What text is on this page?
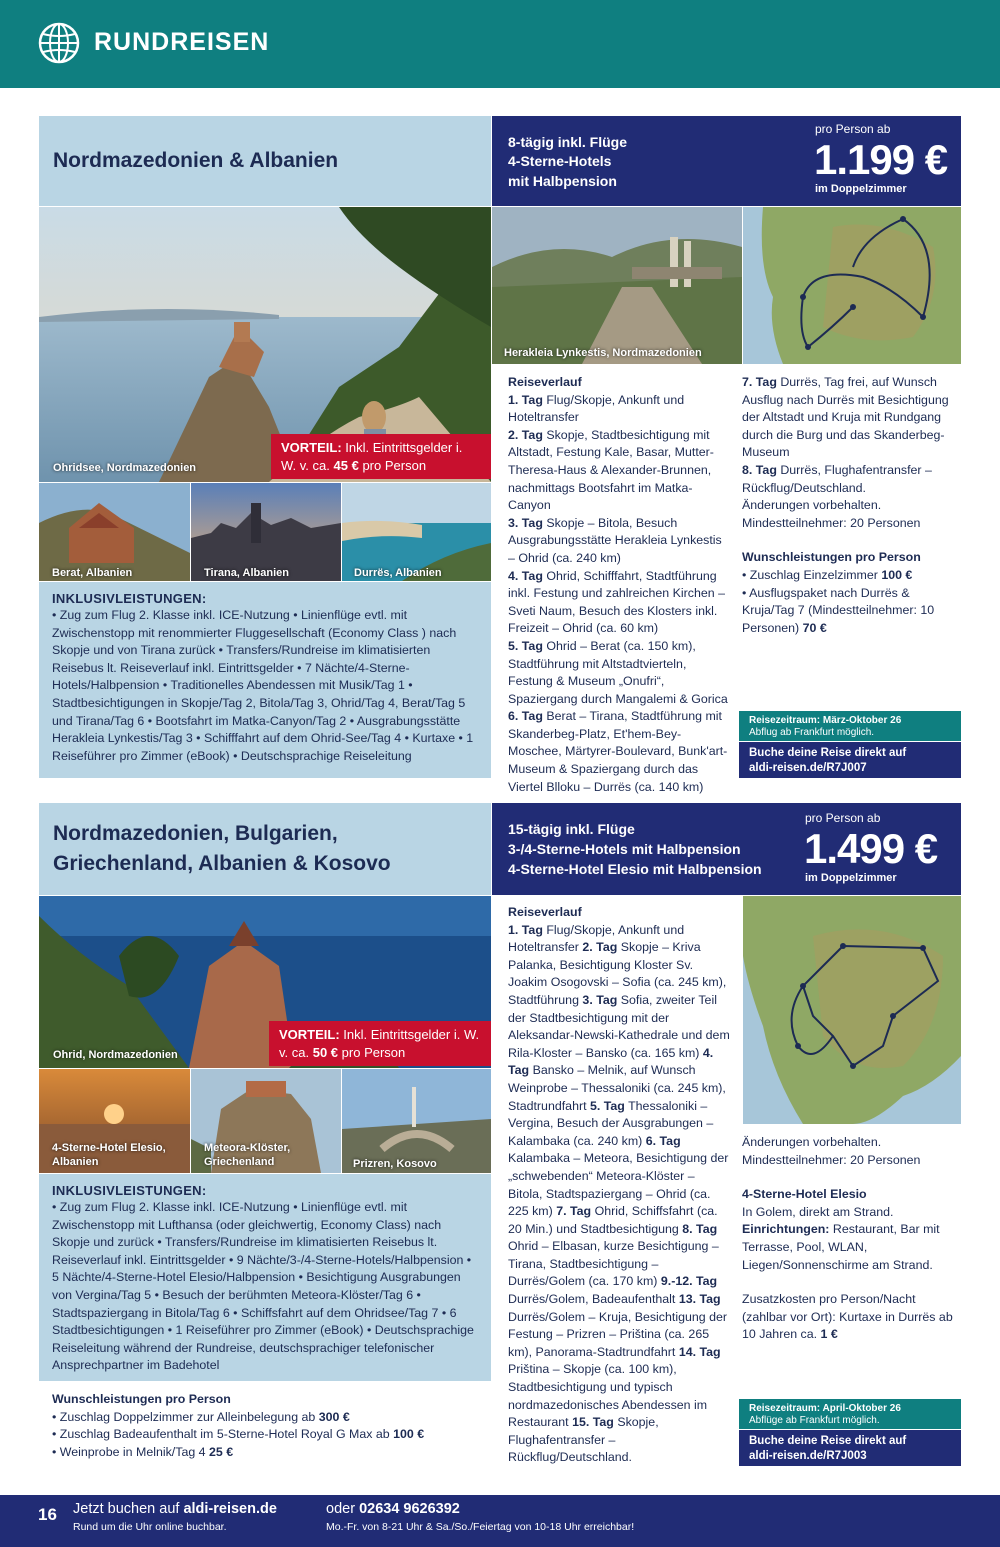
RUNDREISEN
Nordmazedonien & Albanien
8-tägig inkl. Flüge
4-Sterne-Hotels
mit Halbpension
pro Person ab
1.199 €
im Doppelzimmer
Ohridsee, Nordmazedonien
VORTEIL: Inkl. Eintrittsgelder i. W. v. ca. 45 € pro Person
Herakleia Lynkestis, Nordmazedonien
Berat, Albanien	Tirana, Albanien	Durrës, Albanien
INKLUSIVLEISTUNGEN:
• Zug zum Flug 2. Klasse inkl. ICE-Nutzung • Linienflüge evtl. mit Zwischenstopp mit renommierter Fluggesellschaft (Economy Class ) nach Skopje und von Tirana zurück • Transfers/Rundreise im klimatisierten Reisebus lt. Reiseverlauf inkl. Eintrittsgelder • 7 Nächte/4-Sterne-Hotels/Halbpension • Traditionelles Abendessen mit Musik/Tag 1 • Stadtbesichtigungen in Skopje/Tag 2, Bitola/Tag 3, Ohrid/Tag 4, Berat/Tag 5 und Tirana/Tag 6 • Bootsfahrt im Matka-Canyon/Tag 2 • Ausgrabungsstätte Herakleia Lynkestis/Tag 3 • Schifffahrt auf dem Ohrid-See/Tag 4 • Kurtaxe • 1 Reiseführer pro Zimmer (eBook) • Deutschsprachige Reiseleitung
Reiseverlauf
1. Tag Flug/Skopje, Ankunft und Hoteltransfer
2. Tag Skopje, Stadtbesichtigung mit Altstadt, Festung Kale, Basar, Mutter-Theresa-Haus & Alexander-Brunnen, nachmittags Bootsfahrt im Matka-Canyon
3. Tag Skopje – Bitola, Besuch Ausgrabungsstätte Herakleia Lynkestis – Ohrid (ca. 240 km)
4. Tag Ohrid, Schifffahrt, Stadtführung inkl. Festung und zahlreichen Kirchen – Sveti Naum, Besuch des Klosters inkl. Freizeit – Ohrid (ca. 60 km)
5. Tag Ohrid – Berat (ca. 150 km), Stadtführung mit Altstadtvierteln, Festung & Museum „Onufri“, Spaziergang durch Mangalemi & Gorica
6. Tag Berat – Tirana, Stadtführung mit Skanderbeg-Platz, Et'hem-Bey-Moschee, Märtyrer-Boulevard, Bunk'art-Museum & Spaziergang durch das Viertel Blloku – Durrës (ca. 140 km)
7. Tag Durrës, Tag frei, auf Wunsch Ausflug nach Durrës mit Besichtigung der Altstadt und Kruja mit Rundgang durch die Burg und das Skanderbeg-Museum
8. Tag Durrës, Flughafentransfer – Rückflug/Deutschland.
Änderungen vorbehalten.
Mindestteilnehmer: 20 Personen
Wunschleistungen pro Person
• Zuschlag Einzelzimmer 100 €
• Ausflugspaket nach Durrës & Kruja/Tag 7 (Mindestteilnehmer: 10 Personen) 70 €
Reisezeitraum: März-Oktober 26
Abflug ab Frankfurt möglich.
Buche deine Reise direkt auf
aldi-reisen.de/R7J007
Nordmazedonien, Bulgarien,
Griechenland, Albanien & Kosovo
15-tägig inkl. Flüge
3-/4-Sterne-Hotels mit Halbpension
4-Sterne-Hotel Elesio mit Halbpension
pro Person ab
1.499 €
im Doppelzimmer
Ohrid, Nordmazedonien
VORTEIL: Inkl. Eintrittsgelder i. W. v. ca. 50 € pro Person
4-Sterne-Hotel Elesio, Albanien
Meteora-Klöster, Griechenland	Prizren, Kosovo
INKLUSIVLEISTUNGEN:
• Zug zum Flug 2. Klasse inkl. ICE-Nutzung • Linienflüge evtl. mit Zwischenstopp mit Lufthansa (oder gleichwertig, Economy Class) nach Skopje und zurück • Transfers/Rundreise im klimatisierten Reisebus lt. Reiseverlauf inkl. Eintrittsgelder • 9 Nächte/3-/4-Sterne-Hotels/Halbpension • 5 Nächte/4-Sterne-Hotel Elesio/Halbpension • Besichtigung Ausgrabungen von Vergina/Tag 5 • Besuch der berühmten Meteora-Klöster/Tag 6 • Stadtspaziergang in Bitola/Tag 6 • Schiffsfahrt auf dem Ohridsee/Tag 7 • 6 Stadtbesichtigungen • 1 Reiseführer pro Zimmer (eBook) • Deutschsprachige Reiseleitung während der Rundreise, deutschsprachiger telefonischer Ansprechpartner im Badehotel
Wunschleistungen pro Person
• Zuschlag Doppelzimmer zur Alleinbelegung ab 300 €
• Zuschlag Badeaufenthalt im 5-Sterne-Hotel Royal G Max ab 100 €
• Weinprobe in Melnik/Tag 4 25 €
Reiseverlauf
1. Tag Flug/Skopje, Ankunft und Hoteltransfer 2. Tag Skopje – Kriva Palanka, Besichtigung Kloster Sv. Joakim Osogovski – Sofia (ca. 245 km), Stadtführung 3. Tag Sofia, zweiter Teil der Stadtbesichtigung mit der Aleksandar-Newski-Kathedrale und dem Rila-Kloster – Bansko (ca. 165 km) 4. Tag Bansko – Melnik, auf Wunsch Weinprobe – Thessaloniki (ca. 245 km), Stadtrundfahrt 5. Tag Thessaloniki – Vergina, Besuch der Ausgrabungen – Kalambaka (ca. 240 km) 6. Tag Kalambaka – Meteora, Besichtigung der „schwebenden“ Meteora-Klöster – Bitola, Stadtspaziergang – Ohrid (ca. 225 km) 7. Tag Ohrid, Schiffsfahrt (ca. 20 Min.) und Stadtbesichtigung 8. Tag Ohrid – Elbasan, kurze Besichtigung – Tirana, Stadtbesichtigung – Durrës/Golem (ca. 170 km) 9.-12. Tag Durrës/Golem, Badeaufenthalt 13. Tag Durrës/Golem – Kruja, Besichtigung der Festung – Prizren – Priština (ca. 265 km), Panorama-Stadtrundfahrt 14. Tag Priština – Skopje (ca. 100 km), Stadtbesichtigung und typisch nordmazedonisches Abendessen im Restaurant 15. Tag Skopje, Flughafentransfer – Rückflug/Deutschland.
Änderungen vorbehalten.
Mindestteilnehmer: 20 Personen
4-Sterne-Hotel Elesio
In Golem, direkt am Strand.
Einrichtungen: Restaurant, Bar mit Terrasse, Pool, WLAN, Liegen/Sonnenschirme am Strand.
Zusatzkosten pro Person/Nacht (zahlbar vor Ort): Kurtaxe in Durrës ab 10 Jahren ca. 1 €
Reisezeitraum: April-Oktober 26
Abflüge ab Frankfurt möglich.
Buche deine Reise direkt auf
aldi-reisen.de/R7J003
16 Jetzt buchen auf aldi-reisen.de
Rund um die Uhr online buchbar.
oder 02634 9626392
Mo.-Fr. von 8-21 Uhr & Sa./So./Feiertag von 10-18 Uhr erreichbar!
